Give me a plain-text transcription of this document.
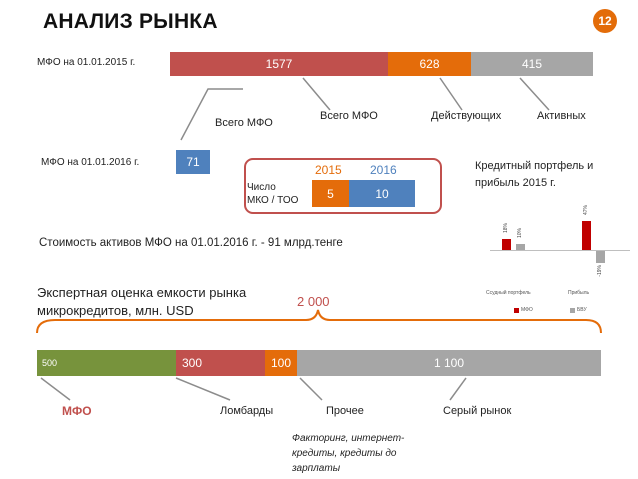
АНАЛИЗ РЫНКА	12
МФО на 01.01.2015 г.	1577	628	415
Всего МФО
Всего МФО	Действующих	Активных
МФО на 01.01.2016 г.	71
2015 2016
Число
МКО / ТОО	5	10
Кредитный портфель и
прибыль 2015 г.
18% 10%
47%
-19%
Ссудный портфель	Прибыль
МФО	БВУ
Стоимость активов МФО на 01.01.2016 г. - 91 млрд.тенге
Экспертная оценка емкости рынка
микрокредитов, млн. USD
2 000
500	300	100	1 100
МФО	Ломбарды	Прочее	Серый рынок
Факторинг, интернет-
кредиты, кредиты до
зарплаты
